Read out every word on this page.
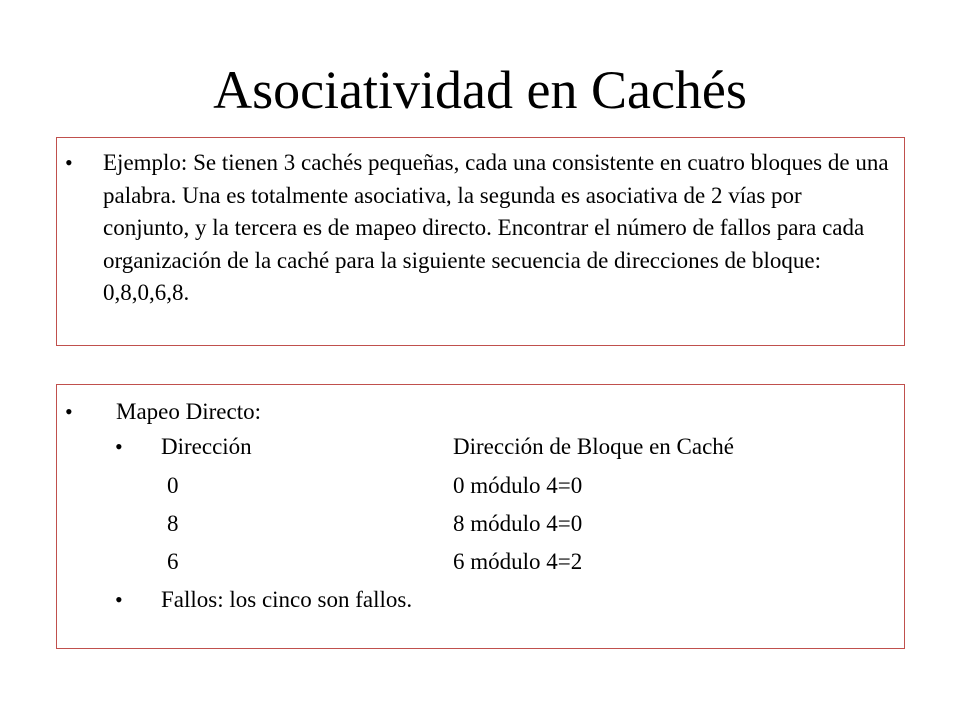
Asociatividad en Cachés
• Ejemplo: Se tienen 3 cachés pequeñas, cada una consistente en cuatro bloques de una palabra. Una es totalmente asociativa, la segunda es asociativa de 2 vías por conjunto, y la tercera es de mapeo directo. Encontrar el número de fallos para cada organización de la caché para la siguiente secuencia de direcciones de bloque: 0,8,0,6,8.

• Mapeo Directo:
• Dirección	Dirección de Bloque en Caché
0	0 módulo 4=0
8	8 módulo 4=0
6	6 módulo 4=2
• Fallos: los cinco son fallos.
